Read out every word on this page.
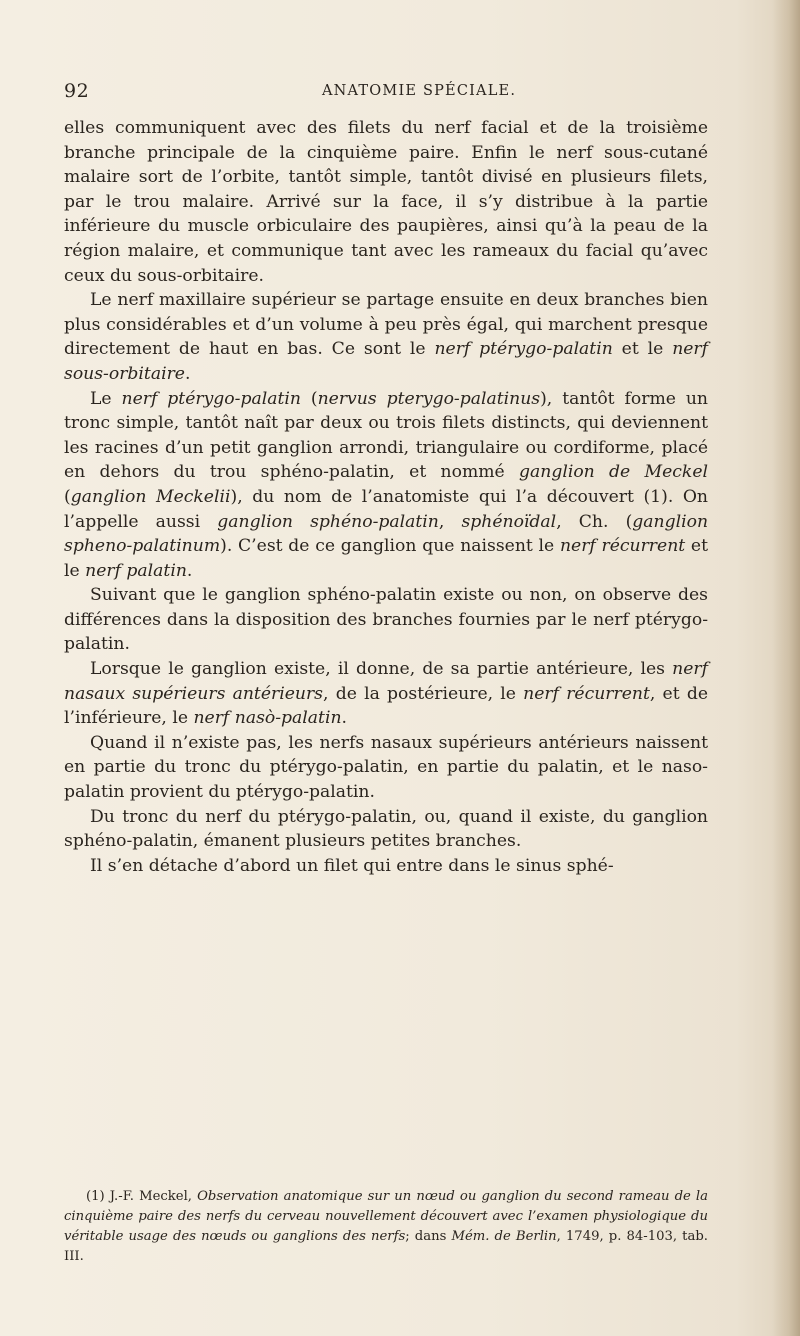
92	ANATOMIE SPÉCIALE.

elles communiquent avec des filets du nerf facial et de la troisième branche principale de la cinquième paire. Enfin le nerf sous-cutané malaire sort de l’orbite, tantôt simple, tantôt divisé en plusieurs filets, par le trou malaire. Arrivé sur la face, il s’y distribue à la partie inférieure du muscle orbiculaire des paupières, ainsi qu’à la peau de la région malaire, et communique tant avec les rameaux du facial qu’avec ceux du sous-orbitaire.

Le nerf maxillaire supérieur se partage ensuite en deux branches bien plus considérables et d’un volume à peu près égal, qui marchent presque directement de haut en bas. Ce sont le nerf ptérygo-palatin et le nerf sous-orbitaire.

Le nerf ptérygo-palatin (nervus pterygo-palatinus), tantôt forme un tronc simple, tantôt naît par deux ou trois filets distincts, qui deviennent les racines d’un petit ganglion arrondi, triangulaire ou cordiforme, placé en dehors du trou sphéno-palatin, et nommé ganglion de Meckel (ganglion Meckelii), du nom de l’anatomiste qui l’a découvert (1). On l’appelle aussi ganglion sphéno-palatin, sphénoïdal, Ch. (ganglion spheno-palatinum). C’est de ce ganglion que naissent le nerf récurrent et le nerf palatin.

Suivant que le ganglion sphéno-palatin existe ou non, on observe des différences dans la disposition des branches fournies par le nerf ptérygo-palatin.

Lorsque le ganglion existe, il donne, de sa partie antérieure, les nerf nasaux supérieurs antérieurs, de la postérieure, le nerf récurrent, et de l’inférieure, le nerf nasò-palatin.

Quand il n’existe pas, les nerfs nasaux supérieurs antérieurs naissent en partie du tronc du ptérygo-palatin, en partie du palatin, et le naso-palatin provient du ptérygo-palatin.

Du tronc du nerf du ptérygo-palatin, ou, quand il existe, du ganglion sphéno-palatin, émanent plusieurs petites branches.

Il s’en détache d’abord un filet qui entre dans le sinus sphé-

(1) J.-F. Meckel, Observation anatomique sur un nœud ou ganglion du second rameau de la cinquième paire des nerfs du cerveau nouvellement découvert avec l’examen physiologique du véritable usage des nœuds ou ganglions des nerfs; dans Mém. de Berlin, 1749, p. 84-103, tab. III.
